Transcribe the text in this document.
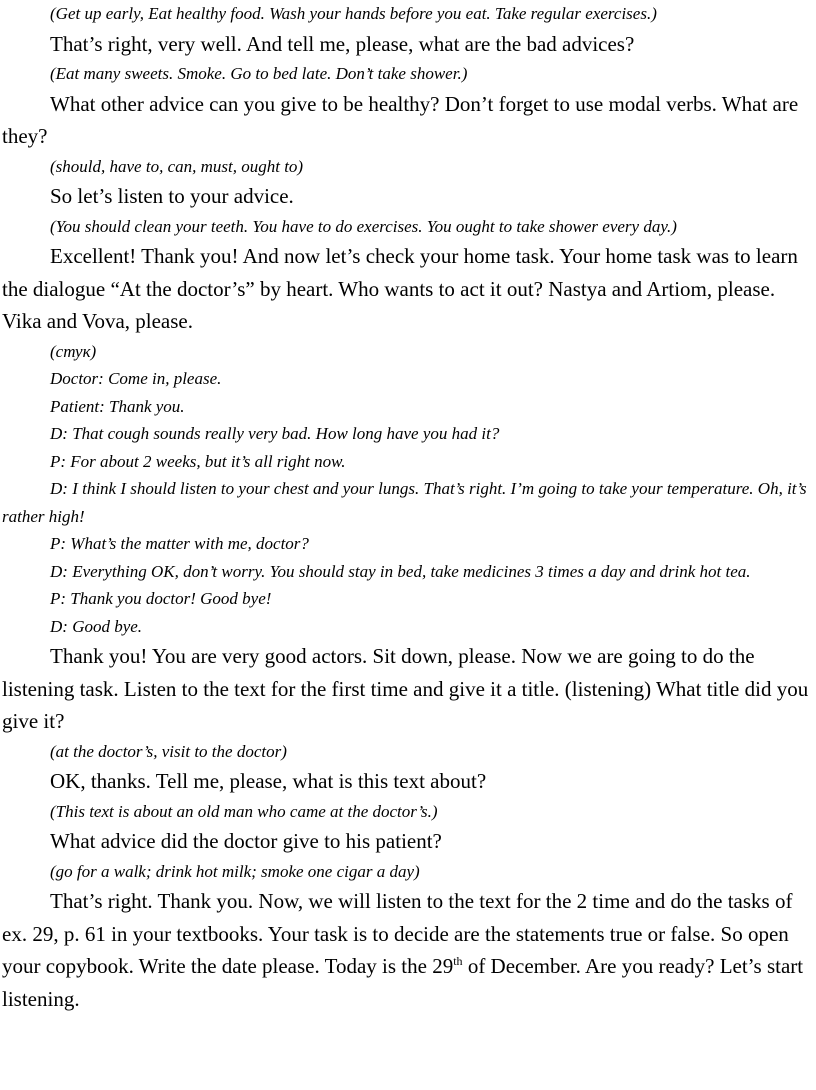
(Get up early, Eat healthy food. Wash your hands before you eat. Take regular exercises.)

That’s right, very well. And tell me, please, what are the bad advices?

(Eat many sweets. Smoke. Go to bed late. Don’t take shower.)

What other advice can you give to be healthy? Don’t forget to use modal verbs. What are they?

(should, have to, can, must, ought to)

So let’s listen to your advice.

(You should clean your teeth. You have to do exercises. You ought to take shower every day.)

Excellent! Thank you! And now let’s check your home task. Your home task was to learn the dialogue “At the doctor’s” by heart. Who wants to act it out? Nastya and Artiom, please. Vika and Vova, please.

(стук)

Doctor: Come in, please.

Patient: Thank you.

D: That cough sounds really very bad. How long have you had it?

P: For about 2 weeks, but it’s all right now.

D: I think I should listen to your chest and your lungs. That’s right. I’m going to take your temperature. Oh, it’s rather high!

P: What’s the matter with me, doctor?

D: Everything OK, don’t worry. You should stay in bed, take medicines 3 times a day and drink hot tea.

P: Thank you doctor! Good bye!

D: Good bye.

Thank you! You are very good actors. Sit down, please. Now we are going to do the listening task. Listen to the text for the first time and give it a title. (listening) What title did you give it?

(at the doctor’s, visit to the doctor)

OK, thanks. Tell me, please, what is this text about?

(This text is about an old man who came at the doctor’s.)

What advice did the doctor give to his patient?

(go for a walk; drink hot milk; smoke one cigar a day)

That’s right. Thank you. Now, we will listen to the text for the 2 time and do the tasks of ex. 29, p. 61 in your textbooks. Your task is to decide are the statements true or false. So open your copybook. Write the date please. Today is the 29th of December. Are you ready? Let’s start listening.
